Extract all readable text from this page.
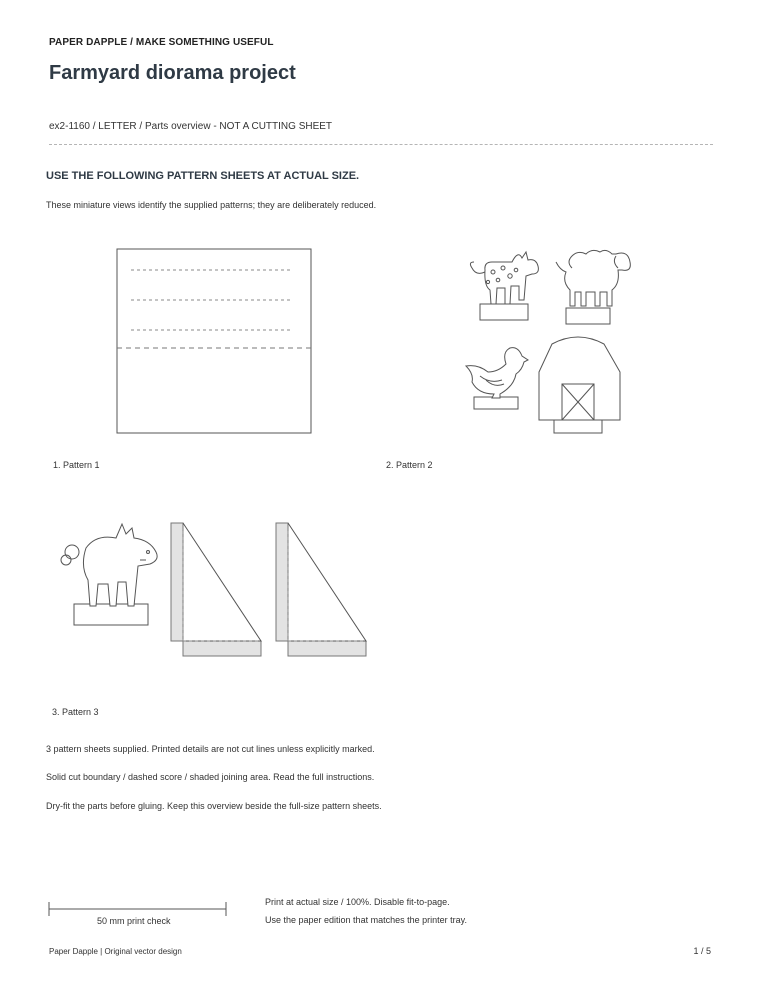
PAPER DAPPLE / MAKE SOMETHING USEFUL
Farmyard diorama project
ex2-1160 / LETTER / Parts overview - NOT A CUTTING SHEET
USE THE FOLLOWING PATTERN SHEETS AT ACTUAL SIZE.
These miniature views identify the supplied patterns; they are deliberately reduced.
1. Pattern 1	2. Pattern 2
3. Pattern 3
3 pattern sheets supplied. Printed details are not cut lines unless explicitly marked.
Solid cut boundary / dashed score / shaded joining area. Read the full instructions.
Dry-fit the parts before gluing. Keep this overview beside the full-size pattern sheets.
50 mm print check
Print at actual size / 100%. Disable fit-to-page.
Use the paper edition that matches the printer tray.
Paper Dapple | Original vector design	1 / 5
